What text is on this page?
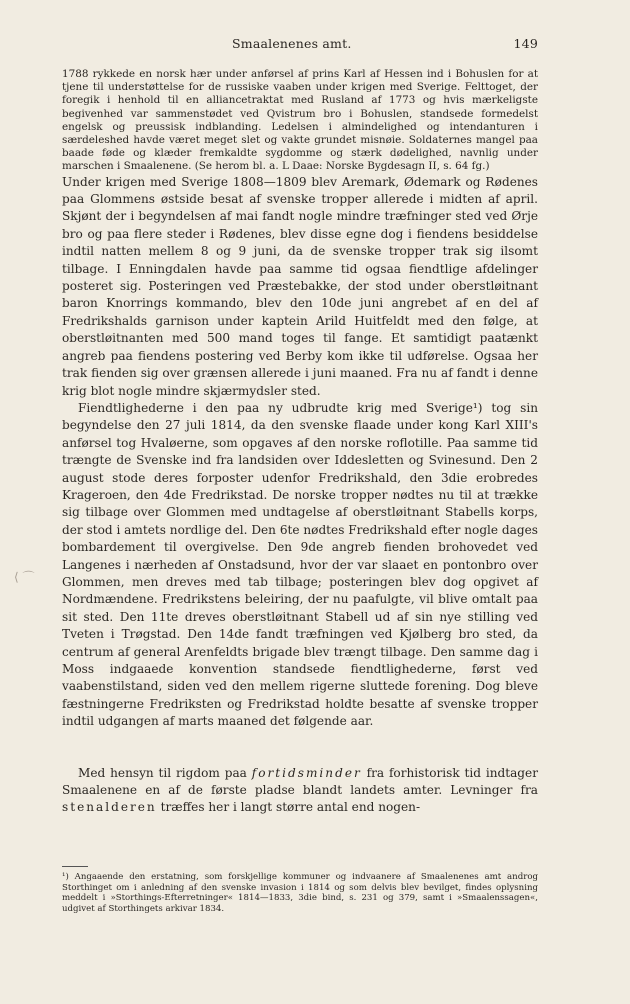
Smaalenenes amt.	149

1788 rykkede en norsk hær under anførsel af prins Karl af Hessen ind i Bohuslen for at tjene til understøttelse for de russiske vaaben under krigen med Sverige. Felttoget, der foregik i henhold til en alliancetraktat med Rusland af 1773 og hvis mærkeligste begivenhed var sammenstødet ved Qvistrum bro i Bohuslen, standsede formedelst engelsk og preussisk indblanding. Ledelsen i almindelighed og intendanturen i særdeleshed havde været meget slet og vakte grundet misnøie. Soldaternes mangel paa baade føde og klæder fremkaldte sygdomme og stærk dødelighed, navnlig under marschen i Smaalenene. (Se herom bl. a. L Daae: Norske Bygdesagn II, s. 64 fg.)

Under krigen med Sverige 1808—1809 blev Aremark, Ødemark og Rødenes paa Glommens østside besat af svenske tropper allerede i midten af april. Skjønt der i begyndelsen af mai fandt nogle mindre træfninger sted ved Ørje bro og paa flere steder i Rødenes, blev disse egne dog i fiendens besiddelse indtil natten mellem 8 og 9 juni, da de svenske tropper trak sig ilsomt tilbage. I Enningdalen havde paa samme tid ogsaa fiendtlige afdelinger posteret sig. Posteringen ved Præstebakke, der stod under oberstløitnant baron Knorrings kommando, blev den 10de juni angrebet af en del af Fredrikshalds garnison under kaptein Arild Huitfeldt med den følge, at oberstløitnanten med 500 mand toges til fange. Et samtidigt paatænkt angreb paa fiendens postering ved Berby kom ikke til udførelse. Ogsaa her trak fienden sig over grænsen allerede i juni maaned. Fra nu af fandt i denne krig blot nogle mindre skjærmydsler sted.

Fiendtlighederne i den paa ny udbrudte krig med Sverige¹) tog sin begyndelse den 27 juli 1814, da den svenske flaade under kong Karl XIII's anførsel tog Hvaløerne, som opgaves af den norske roflotille. Paa samme tid trængte de Svenske ind fra landsiden over Iddesletten og Svinesund. Den 2 august stode deres forposter udenfor Fredrikshald, den 3die erobredes Krageroen, den 4de Fredrikstad. De norske tropper nødtes nu til at trække sig tilbage over Glommen med undtagelse af oberstløitnant Stabells korps, der stod i amtets nordlige del. Den 6te nødtes Fredrikshald efter nogle dages bombardement til overgivelse. Den 9de angreb fienden brohovedet ved Langenes i nærheden af Onstadsund, hvor der var slaaet en pontonbro over Glommen, men dreves med tab tilbage; posteringen blev dog opgivet af Nordmændene. Fredrikstens beleiring, der nu paafulgte, vil blive omtalt paa sit sted. Den 11te dreves oberstløitnant Stabell ud af sin nye stilling ved Tveten i Trøgstad. Den 14de fandt træfningen ved Kjølberg bro sted, da centrum af general Arenfeldts brigade blev trængt tilbage. Den samme dag i Moss indgaaede konvention standsede fiendtlighederne, først ved vaabenstilstand, siden ved den mellem rigerne sluttede forening. Dog bleve fæstningerne Fredriksten og Fredrikstad holdte besatte af svenske tropper indtil udgangen af marts maaned det følgende aar.

Med hensyn til rigdom paa fortidsminder fra forhistorisk tid indtager Smaalenene en af de første pladse blandt landets amter. Levninger fra stenalderen træffes her i langt større antal end nogen-

¹) Angaaende den erstatning, som forskjellige kommuner og indvaanere af Smaalenenes amt androg Storthinget om i anledning af den svenske invasion i 1814 og som delvis blev bevilget, findes oplysning meddelt i »Storthings-Efterretninger« 1814—1833, 3die bind, s. 231 og 379, samt i »Smaalenssagen«, udgivet af Storthingets arkivar 1834.

⟨ ⌒
